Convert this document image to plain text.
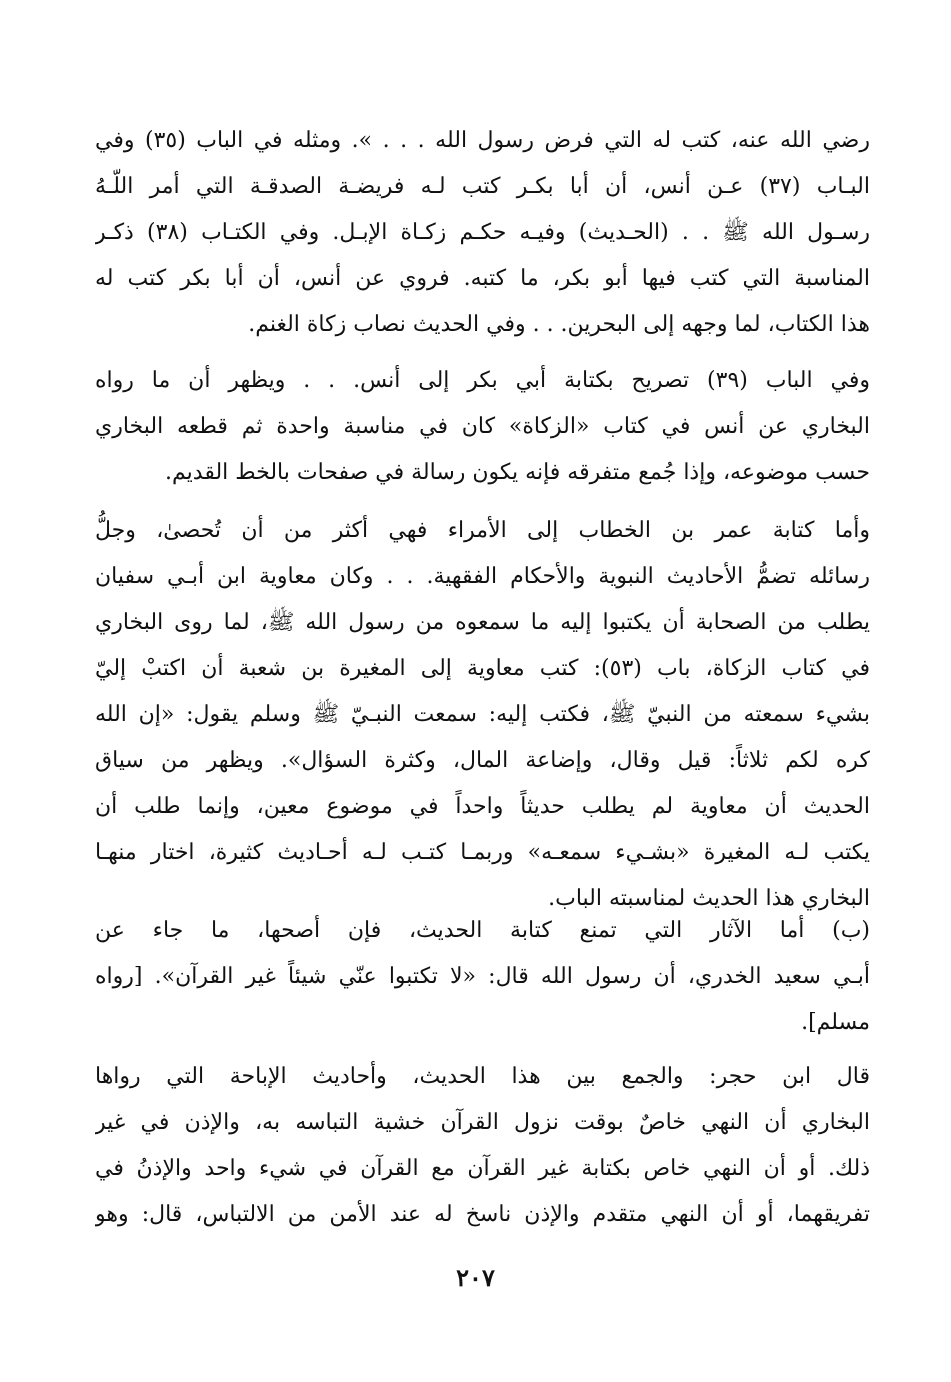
رضي الله عنه، كتب له التي فرض رسول الله . . . ». ومثله في الباب (٣٥) وفي
البـاب (٣٧) عـن أنس، أن أبا بكـر كتب لـه فريضـة الصدقـة التي أمر اللّـهُ
رسـول الله ﷺ . . (الحـديث) وفيـه حكـم زكـاة الإبـل. وفي الكتـاب (٣٨) ذكـر
المناسبة التي كتب فيها أبو بكر، ما كتبه. فروي عن أنس، أن أبا بكر كتب له
هذا الكتاب، لما وجهه إلى البحرين. . . وفي الحديث نصاب زكاة الغنم.
وفي الباب (٣٩) تصريح بكتابة أبي بكر إلى أنس. . . ويظهر أن ما رواه
البخاري عن أنس في كتاب «الزكاة» كان في مناسبة واحدة ثم قطعه البخاري
حسب موضوعه، وإذا جُمع متفرقه فإنه يكون رسالة في صفحات بالخط القديم.
وأما كتابة عمر بن الخطاب إلى الأمراء فهي أكثر من أن تُحصىٰ، وجلُّ
رسائله تضمُّ الأحاديث النبوية والأحكام الفقهية. . . وكان معاوية ابن أبـي سفيان
يطلب من الصحابة أن يكتبوا إليه ما سمعوه من رسول الله ﷺ، لما روى البخاري
في كتاب الزكاة، باب (٥٣): كتب معاوية إلى المغيرة بن شعبة أن اكتبْ إليّ
بشيء سمعته من النبيّ ﷺ، فكتب إليه: سمعت النبـيّ ﷺ وسلم يقول: «إن الله
كره لكم ثلاثاً: قيل وقال، وإضاعة المال، وكثرة السؤال». ويظهر من سياق
الحديث أن معاوية لم يطلب حديثاً واحداً في موضوع معين، وإنما طلب أن
يكتب لـه المغيرة «بشـيء سمعـه» وربمـا كتـب لـه أحـاديث كثيرة، اختار منهـا
البخاري هذا الحديث لمناسبته الباب.
(ب) أما الآثار التي تمنع كتابة الحديث، فإن أصحها، ما جاء عن
أبـي سعيد الخدري، أن رسول الله قال: «لا تكتبوا عنّي شيئاً غير القرآن». [رواه
مسلم].
قال ابن حجر: والجمع بين هذا الحديث، وأحاديث الإباحة التي رواها
البخاري أن النهي خاصٌ بوقت نزول القرآن خشية التباسه به، والإذن في غير
ذلك. أو أن النهي خاص بكتابة غير القرآن مع القرآن في شيء واحد والإذنُ في
تفريقهما، أو أن النهي متقدم والإذن ناسخ له عند الأمن من الالتباس، قال: وهو
٢٠٧
